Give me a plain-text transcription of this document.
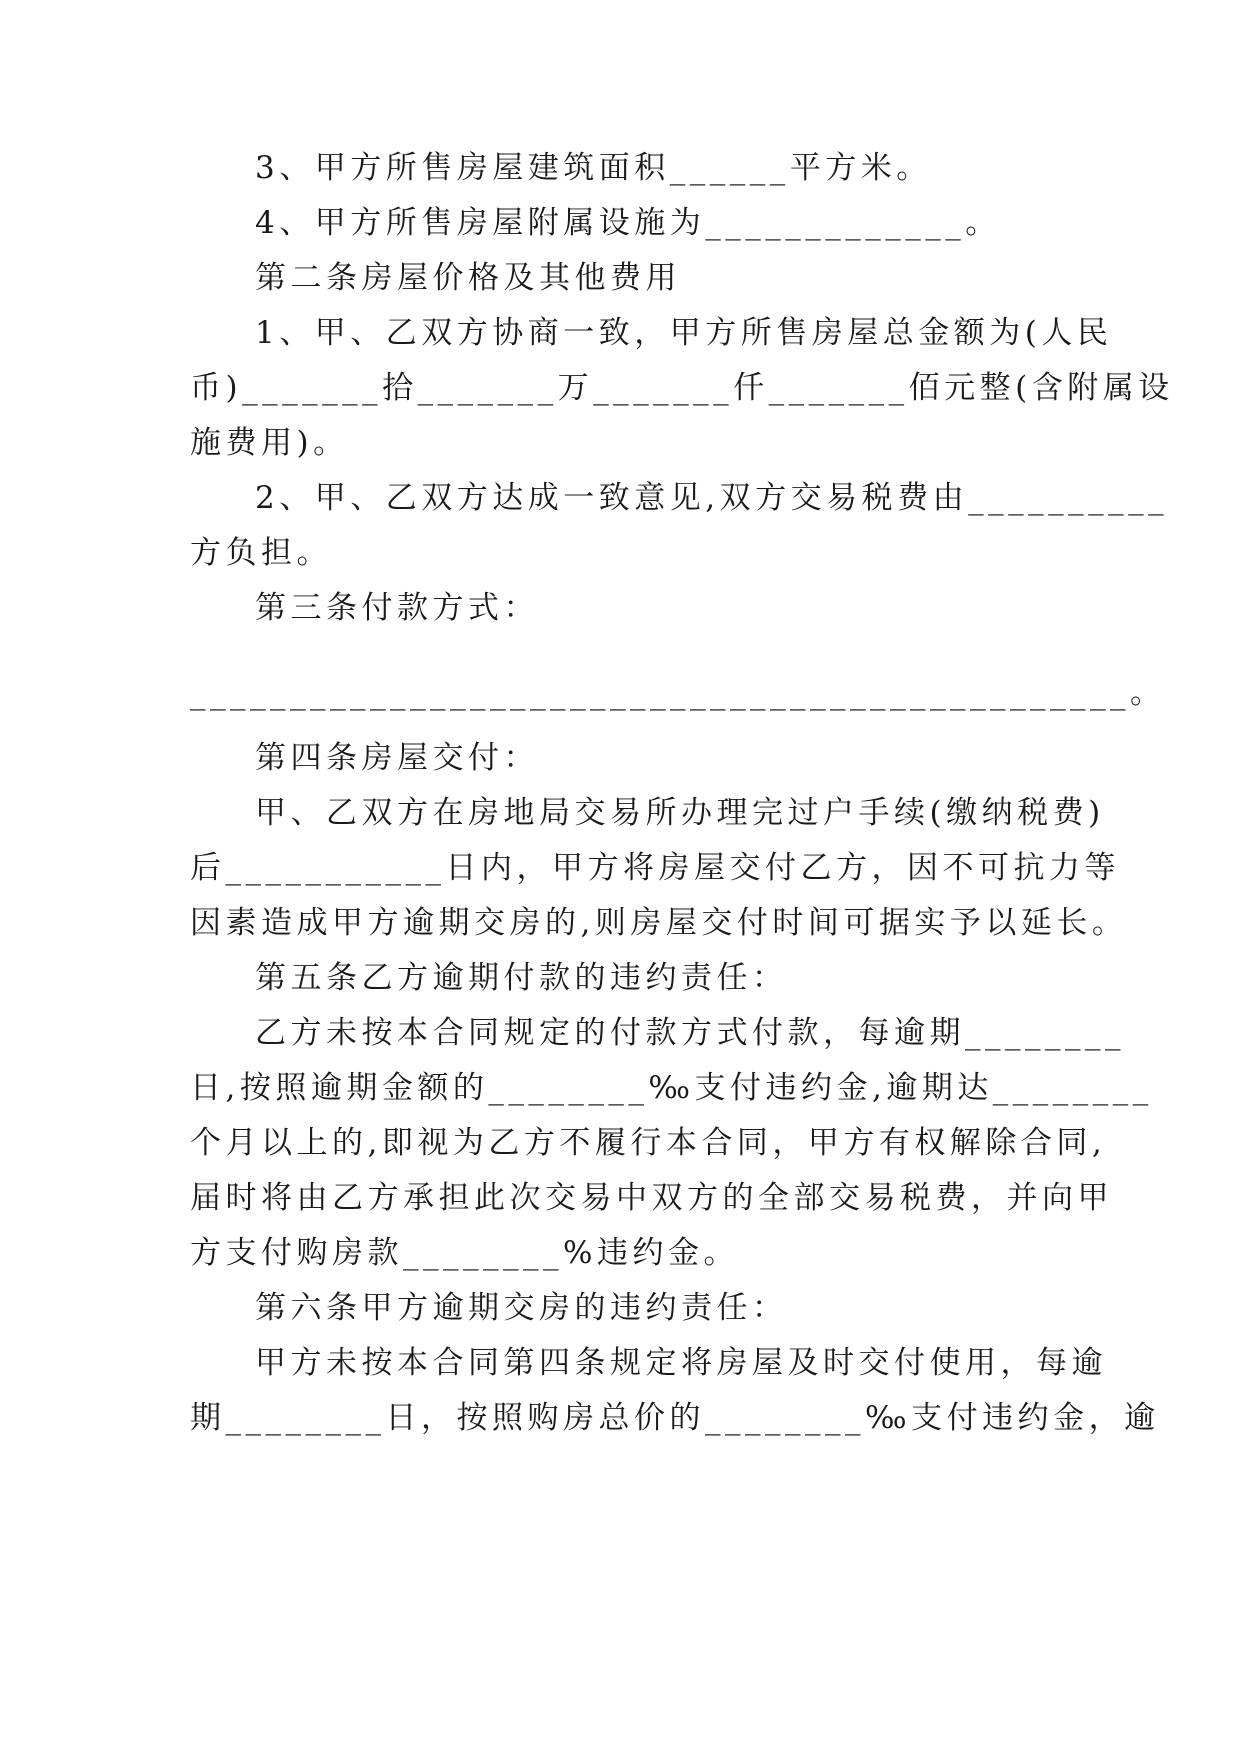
3、甲方所售房屋建筑面积______平方米。
4、甲方所售房屋附属设施为_____________。
第二条房屋价格及其他费用
1、甲、乙双方协商一致，甲方所售房屋总金额为(人民
币)_______拾_______万_______仟_______佰元整(含附属设
施费用)。
2、甲、乙双方达成一致意见,双方交易税费由__________
方负担。
第三条付款方式：
_______________________________________________。
第四条房屋交付：
甲、乙双方在房地局交易所办理完过户手续(缴纳税费)
后___________日内，甲方将房屋交付乙方，因不可抗力等
因素造成甲方逾期交房的,则房屋交付时间可据实予以延长。
第五条乙方逾期付款的违约责任：
乙方未按本合同规定的付款方式付款，每逾期________
日,按照逾期金额的________‰支付违约金,逾期达________
个月以上的,即视为乙方不履行本合同，甲方有权解除合同,
届时将由乙方承担此次交易中双方的全部交易税费，并向甲
方支付购房款________%违约金。
第六条甲方逾期交房的违约责任：
甲方未按本合同第四条规定将房屋及时交付使用，每逾
期________日，按照购房总价的________‰支付违约金，逾
